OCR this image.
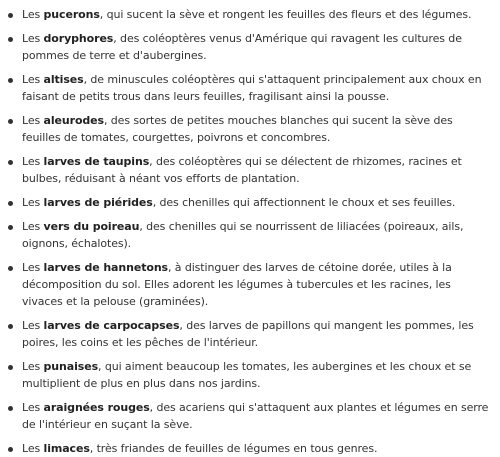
Les pucerons, qui sucent la sève et rongent les feuilles des fleurs et des légumes.
Les doryphores, des coléoptères venus d'Amérique qui ravagent les cultures de pommes de terre et d'aubergines.
Les altises, de minuscules coléoptères qui s'attaquent principalement aux choux en faisant de petits trous dans leurs feuilles, fragilisant ainsi la pousse.
Les aleurodes, des sortes de petites mouches blanches qui sucent la sève des feuilles de tomates, courgettes, poivrons et concombres.
Les larves de taupins, des coléoptères qui se délectent de rhizomes, racines et bulbes, réduisant à néant vos efforts de plantation.
Les larves de piérides, des chenilles qui affectionnent le choux et ses feuilles.
Les vers du poireau, des chenilles qui se nourrissent de liliacées (poireaux, ails, oignons, échalotes).
Les larves de hannetons, à distinguer des larves de cétoine dorée, utiles à la décomposition du sol. Elles adorent les légumes à tubercules et les racines, les vivaces et la pelouse (graminées).
Les larves de carpocapses, des larves de papillons qui mangent les pommes, les poires, les coins et les pêches de l'intérieur.
Les punaises, qui aiment beaucoup les tomates, les aubergines et les choux et se multiplient de plus en plus dans nos jardins.
Les araignées rouges, des acariens qui s'attaquent aux plantes et légumes en serre de l'intérieur en suçant la sève.
Les limaces, très friandes de feuilles de légumes en tous genres.
